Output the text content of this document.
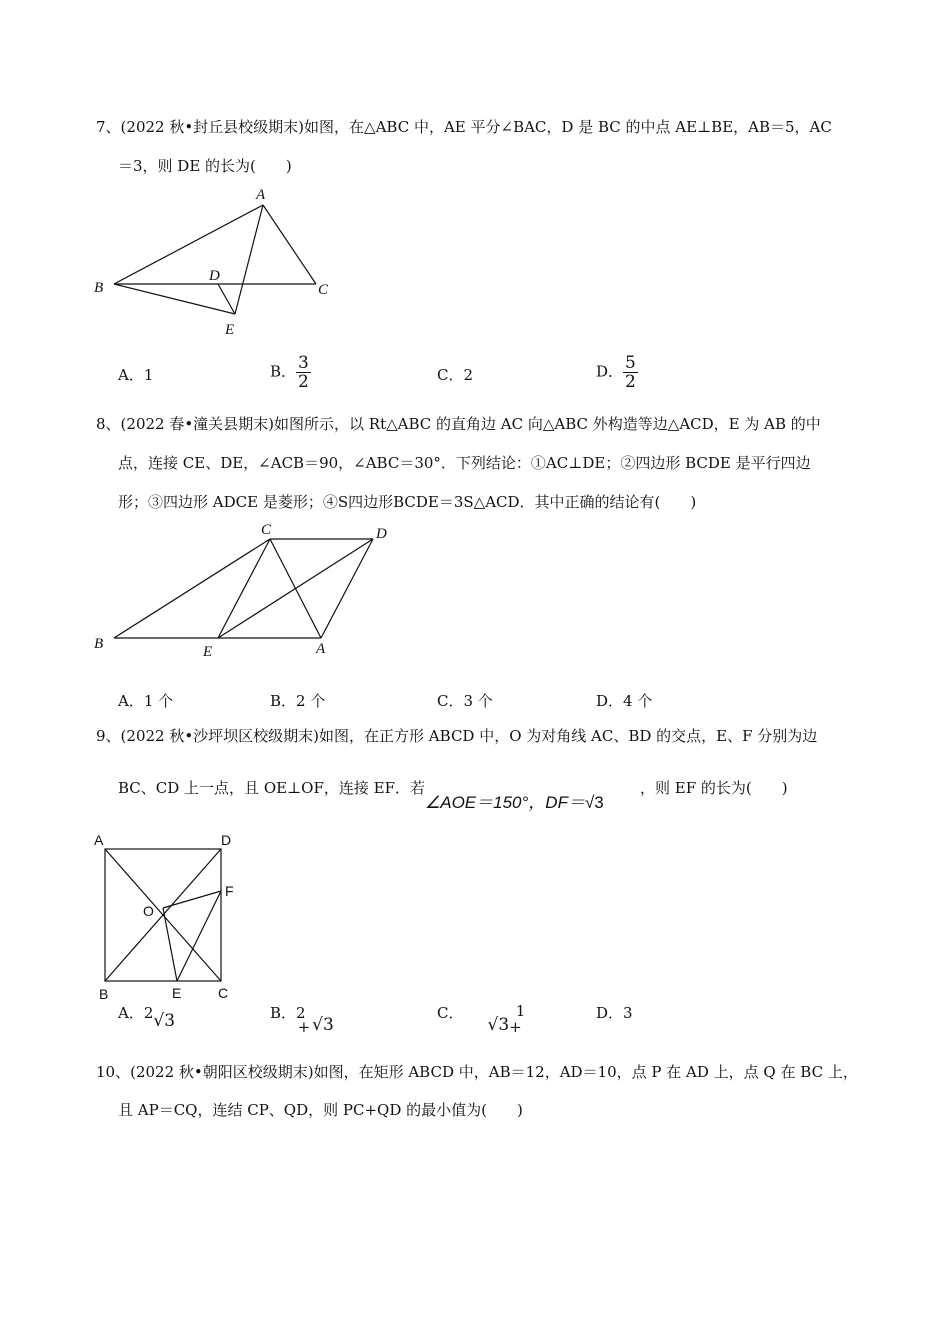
7、(2022 秋•封丘县校级期末)如图，在△ABC 中，AE 平分∠BAC，D 是 BC 的中点 AE⊥BE，AB＝5，AC
＝3，则 DE 的长为(　　)
A
B	C
D
E
A．1	B． $\frac{3}{2}$	C．2	D． $\frac{5}{2}$
8、(2022 春•潼关县期末)如图所示，以 Rt△ABC 的直角边 AC 向△ABC 外构造等边△ACD，E 为 AB 的中
点，连接 CE、DE，∠ACB＝90，∠ABC＝30°．下列结论：①AC⊥DE；②四边形 BCDE 是平行四边
形；③四边形 ADCE 是菱形；④S四边形BCDE＝3S△ACD．其中正确的结论有(　　)
B
C	D
E	A
A．1 个	B．2 个	C．3 个	D．4 个
9、(2022 秋•沙坪坝区校级期末)如图，在正方形 ABCD 中，O 为对角线 AC、BD 的交点，E、F 分别为边
BC、CD 上一点，且 OE⊥OF，连接 EF．若
∠AOE＝150°，DF＝√3
，则 EF 的长为(　　)
A	D
F
O
B	E	C
A．2√3	B．2+ √3
C．√3+1	D．3
10、(2022 秋•朝阳区校级期末)如图，在矩形 ABCD 中，AB＝12，AD＝10，点 P 在 AD 上，点 Q 在 BC 上，
且 AP＝CQ，连结 CP、QD，则 PC+QD 的最小值为(　　)
